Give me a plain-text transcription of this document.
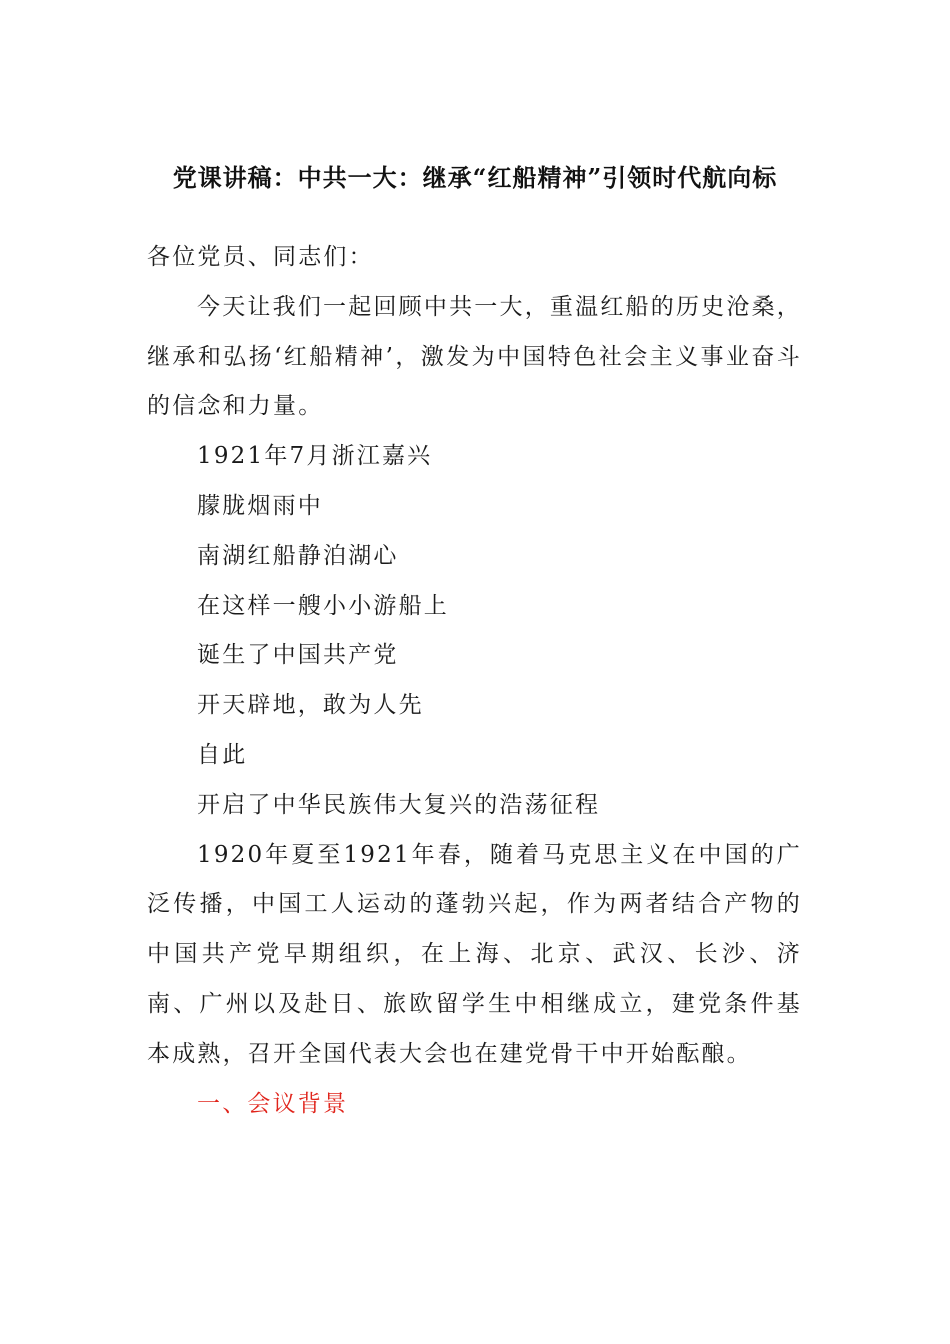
党课讲稿：中共一大：继承“红船精神”引领时代航向标

各位党员、同志们：

今天让我们一起回顾中共一大，重温红船的历史沧桑，继承和弘扬‘红船精神’，激发为中国特色社会主义事业奋斗的信念和力量。

1921年7月浙江嘉兴

朦胧烟雨中

南湖红船静泊湖心

在这样一艘小小游船上

诞生了中国共产党

开天辟地，敢为人先

自此

开启了中华民族伟大复兴的浩荡征程

1920年夏至1921年春，随着马克思主义在中国的广泛传播，中国工人运动的蓬勃兴起，作为两者结合产物的中国共产党早期组织，在上海、北京、武汉、长沙、济南、广州以及赴日、旅欧留学生中相继成立，建党条件基本成熟，召开全国代表大会也在建党骨干中开始酝酿。

一、会议背景
